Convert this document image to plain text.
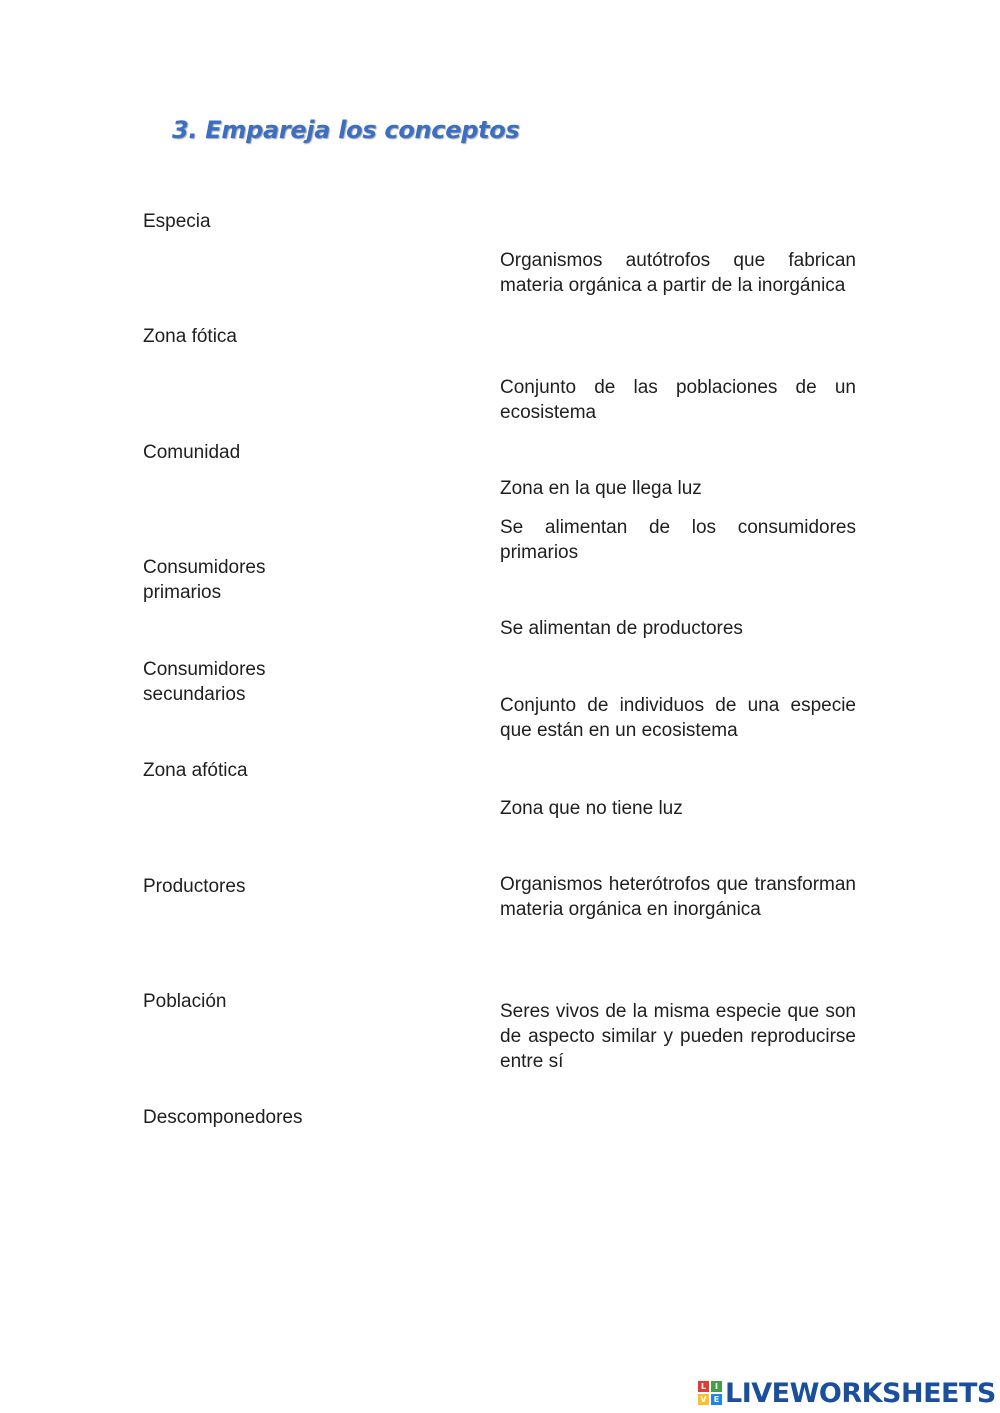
3. Empareja los conceptos
Especia
Zona fótica
Comunidad
Consumidores primarios
Consumidores secundarios
Zona afótica
Productores
Población
Descomponedores
Organismos autótrofos que fabrican materia orgánica a partir de la inorgánica
Conjunto de las poblaciones de un ecosistema
Zona en la que llega luz
Se alimentan de los consumidores primarios
Se alimentan de productores
Conjunto de individuos de una especie que están en un ecosistema
Zona que no tiene luz
Organismos heterótrofos que transforman materia orgánica en inorgánica
Seres vivos de la misma especie que son de aspecto similar y pueden reproducirse entre sí
L	I
V E LIVEWORKSHEETS
